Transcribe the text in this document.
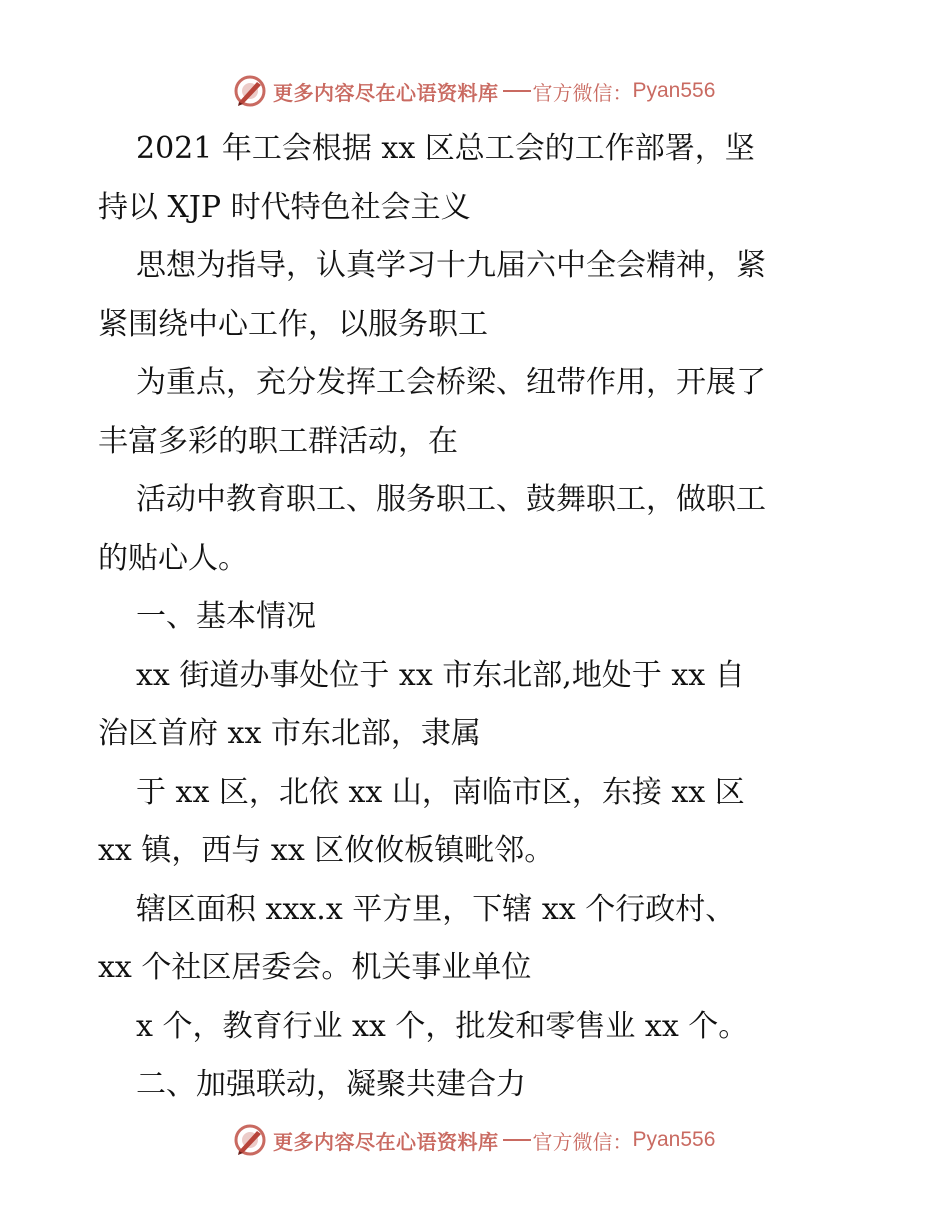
更多内容尽在心语资料库 官方微信： Pyan556
2021 年工会根据 xx 区总工会的工作部署，坚
持以 XJP 时代特色社会主义
思想为指导，认真学习十九届六中全会精神，紧
紧围绕中心工作，以服务职工
为重点，充分发挥工会桥梁、纽带作用，开展了
丰富多彩的职工群活动，在
活动中教育职工、服务职工、鼓舞职工，做职工
的贴心人。
一、基本情况
xx 街道办事处位于 xx 市东北部,地处于 xx 自
治区首府 xx 市东北部，隶属
于 xx 区，北依 xx 山，南临市区，东接 xx 区
xx 镇，西与 xx 区攸攸板镇毗邻。
辖区面积 xxx.x 平方里，下辖 xx 个行政村、
xx 个社区居委会。机关事业单位
x 个，教育行业 xx 个，批发和零售业 xx 个。
二、加强联动，凝聚共建合力
更多内容尽在心语资料库 官方微信： Pyan556
